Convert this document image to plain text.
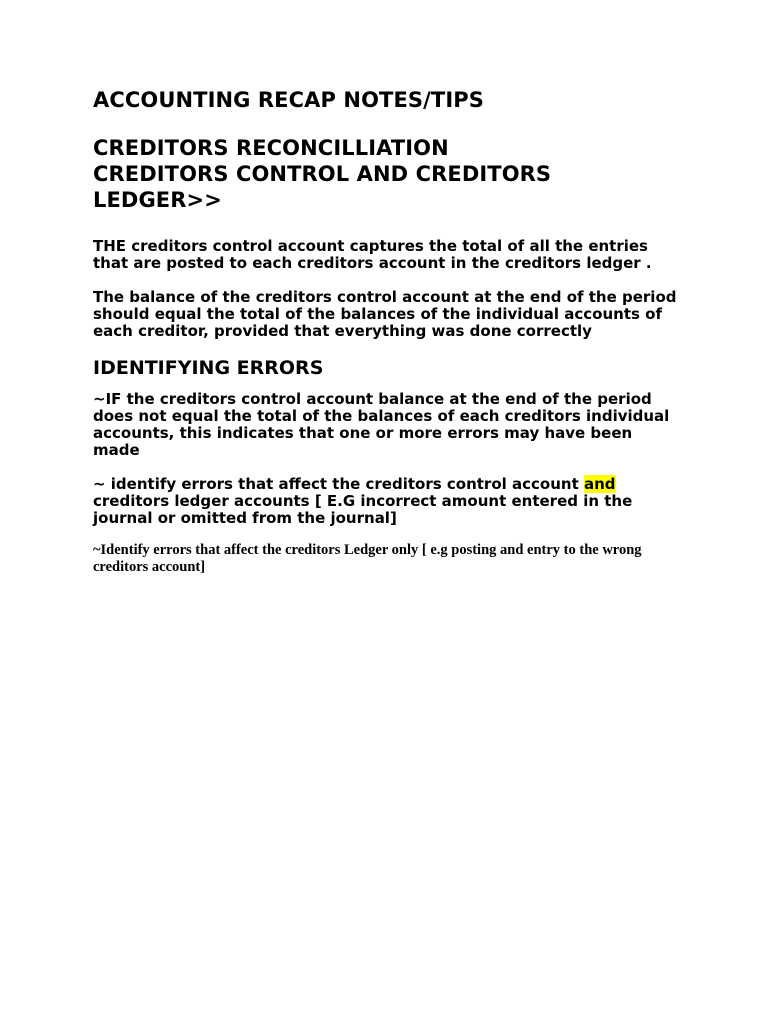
ACCOUNTING RECAP NOTES/TIPS
CREDITORS RECONCILLIATION
CREDITORS CONTROL AND CREDITORS
LEDGER>>

THE creditors control account captures the total of all the entries that are posted to each creditors account in the creditors ledger .

The balance of the creditors control account at the end of the period should equal the total of the balances of the individual accounts of each creditor, provided that everything was done correctly

IDENTIFYING ERRORS

~IF the creditors control account balance at the end of the period does not equal the total of the balances of each creditors individual accounts, this indicates that one or more errors may have been made

~ identify errors that affect the creditors control account and creditors ledger accounts [ E.G incorrect amount entered in the journal or omitted from the journal]

~Identify errors that affect the creditors Ledger only [ e.g posting and entry to the wrong creditors account]
